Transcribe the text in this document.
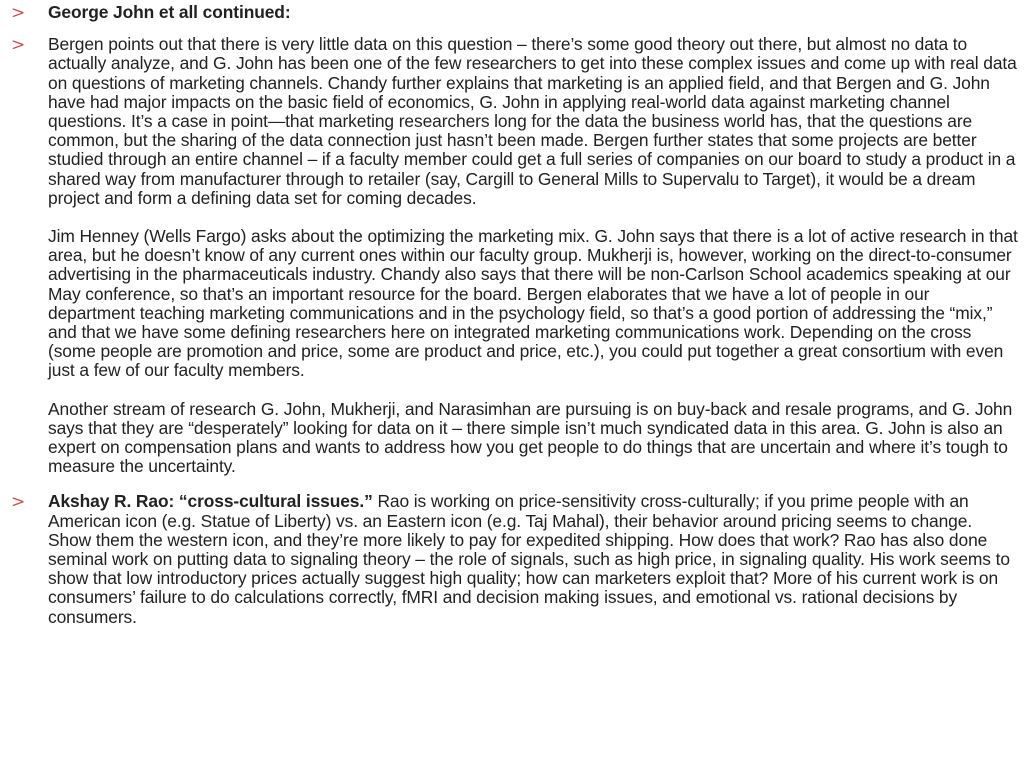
> George John et all continued:

> Bergen points out that there is very little data on this question – there’s some good theory out there, but almost no data to actually analyze, and G. John has been one of the few researchers to get into these complex issues and come up with real data on questions of marketing channels. Chandy further explains that marketing is an applied field, and that Bergen and G. John have had major impacts on the basic field of economics, G. John in applying real-world data against marketing channel questions. It’s a case in point—that marketing researchers long for the data the business world has, that the questions are common, but the sharing of the data connection just hasn’t been made. Bergen further states that some projects are better studied through an entire channel – if a faculty member could get a full series of companies on our board to study a product in a shared way from manufacturer through to retailer (say, Cargill to General Mills to Supervalu to Target), it would be a dream project and form a defining data set for coming decades.

Jim Henney (Wells Fargo) asks about the optimizing the marketing mix. G. John says that there is a lot of active research in that area, but he doesn’t know of any current ones within our faculty group. Mukherji is, however, working on the direct-to-consumer advertising in the pharmaceuticals industry. Chandy also says that there will be non-Carlson School academics speaking at our May conference, so that’s an important resource for the board. Bergen elaborates that we have a lot of people in our department teaching marketing communications and in the psychology field, so that’s a good portion of addressing the “mix,” and that we have some defining researchers here on integrated marketing communications work. Depending on the cross (some people are promotion and price, some are product and price, etc.), you could put together a great consortium with even just a few of our faculty members.

Another stream of research G. John, Mukherji, and Narasimhan are pursuing is on buy-back and resale programs, and G. John says that they are “desperately” looking for data on it – there simple isn’t much syndicated data in this area. G. John is also an expert on compensation plans and wants to address how you get people to do things that are uncertain and where it’s tough to measure the uncertainty.

> Akshay R. Rao: “cross-cultural issues.” Rao is working on price-sensitivity cross-culturally; if you prime people with an American icon (e.g. Statue of Liberty) vs. an Eastern icon (e.g. Taj Mahal), their behavior around pricing seems to change. Show them the western icon, and they’re more likely to pay for expedited shipping. How does that work? Rao has also done seminal work on putting data to signaling theory – the role of signals, such as high price, in signaling quality. His work seems to show that low introductory prices actually suggest high quality; how can marketers exploit that? More of his current work is on consumers’ failure to do calculations correctly, fMRI and decision making issues, and emotional vs. rational decisions by consumers.
